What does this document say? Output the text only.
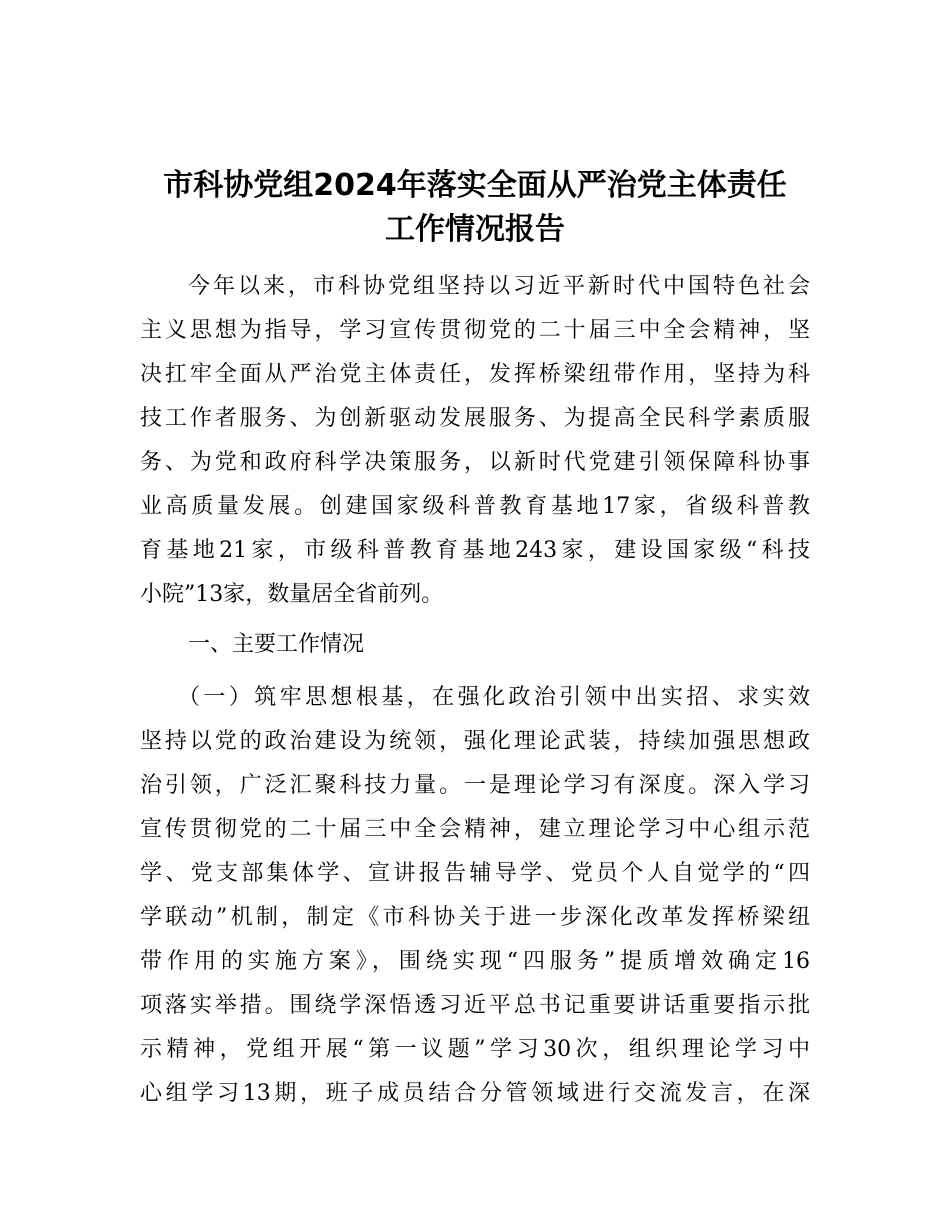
市科协党组2024年落实全面从严治党主体责任
工作情况报告
今年以来，市科协党组坚持以习近平新时代中国特色社会
主义思想为指导，学习宣传贯彻党的二十届三中全会精神，坚
决扛牢全面从严治党主体责任，发挥桥梁纽带作用，坚持为科
技工作者服务、为创新驱动发展服务、为提高全民科学素质服
务、为党和政府科学决策服务，以新时代党建引领保障科协事
业高质量发展。创建国家级科普教育基地17家，省级科普教
育基地21家，市级科普教育基地243家，建设国家级“科技
小院”13家，数量居全省前列。
一、主要工作情况
（一）筑牢思想根基，在强化政治引领中出实招、求实效
坚持以党的政治建设为统领，强化理论武装，持续加强思想政
治引领，广泛汇聚科技力量。一是理论学习有深度。深入学习
宣传贯彻党的二十届三中全会精神，建立理论学习中心组示范
学、党支部集体学、宣讲报告辅导学、党员个人自觉学的“四
学联动”机制，制定《市科协关于进一步深化改革发挥桥梁纽
带作用的实施方案》，围绕实现“四服务”提质增效确定16
项落实举措。围绕学深悟透习近平总书记重要讲话重要指示批
示精神，党组开展“第一议题”学习30次，组织理论学习中
心组学习13期，班子成员结合分管领域进行交流发言，在深
